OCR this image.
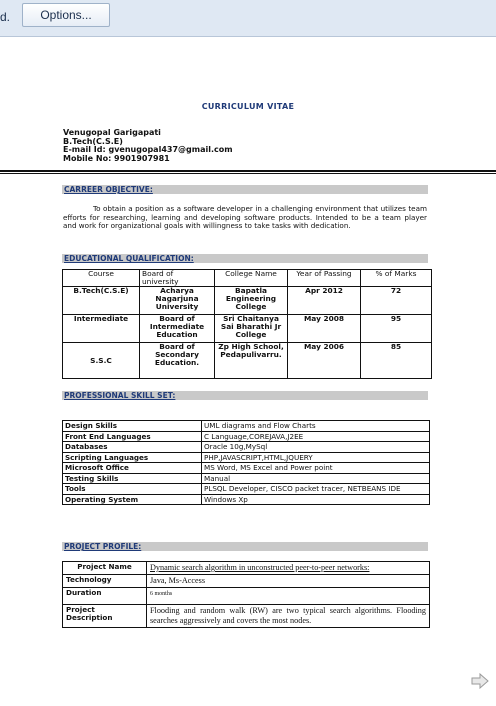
d.	Options...
CURRICULUM VITAE
Venugopal Garigapati
B.Tech(C.S.E)
E-mail Id: gvenugopal437@gmail.com
Mobile No: 9901907981
CARREER OBJECTIVE:
To obtain a position as a software developer in a challenging environment that utilizes team efforts for researching, learning and developing software products. Intended to be a team player and work for organizational goals with willingness to take tasks with dedication.
EDUCATIONAL QUALIFICATION:
Course	Board of university	College Name	Year of Passing	% of Marks
B.Tech(C.S.E)	Acharya Nagarjuna University	Bapatla Engineering College	Apr 2012	72
Intermediate	Board of Intermediate Education	Sri Chaitanya Sai Bharathi Jr College	May 2008	95
S.S.C	Board of Secondary Education.	Zp High School, Pedapulivarru.	May 2006	85
PROFESSIONAL SKILL SET:
Design Skills	UML diagrams and Flow Charts
Front End Languages	C Language,COREJAVA,J2EE
Databases	Oracle 10g,MySql
Scripting Languages	PHP,JAVASCRIPT,HTML,JQUERY
Microsoft Office	MS Word, MS Excel and Power point
Testing Skills	Manual
Tools	PLSQL Developer, CISCO packet tracer, NETBEANS IDE
Operating System	Windows Xp
PROJECT PROFILE:
Project Name	Dynamic search algorithm in unconstructed peer-to-peer networks:
Technology	Java, Ms-Access
Duration	6 months
Project Description	Flooding and random walk (RW) are two typical search algorithms. Flooding searches aggressively and covers the most nodes.
